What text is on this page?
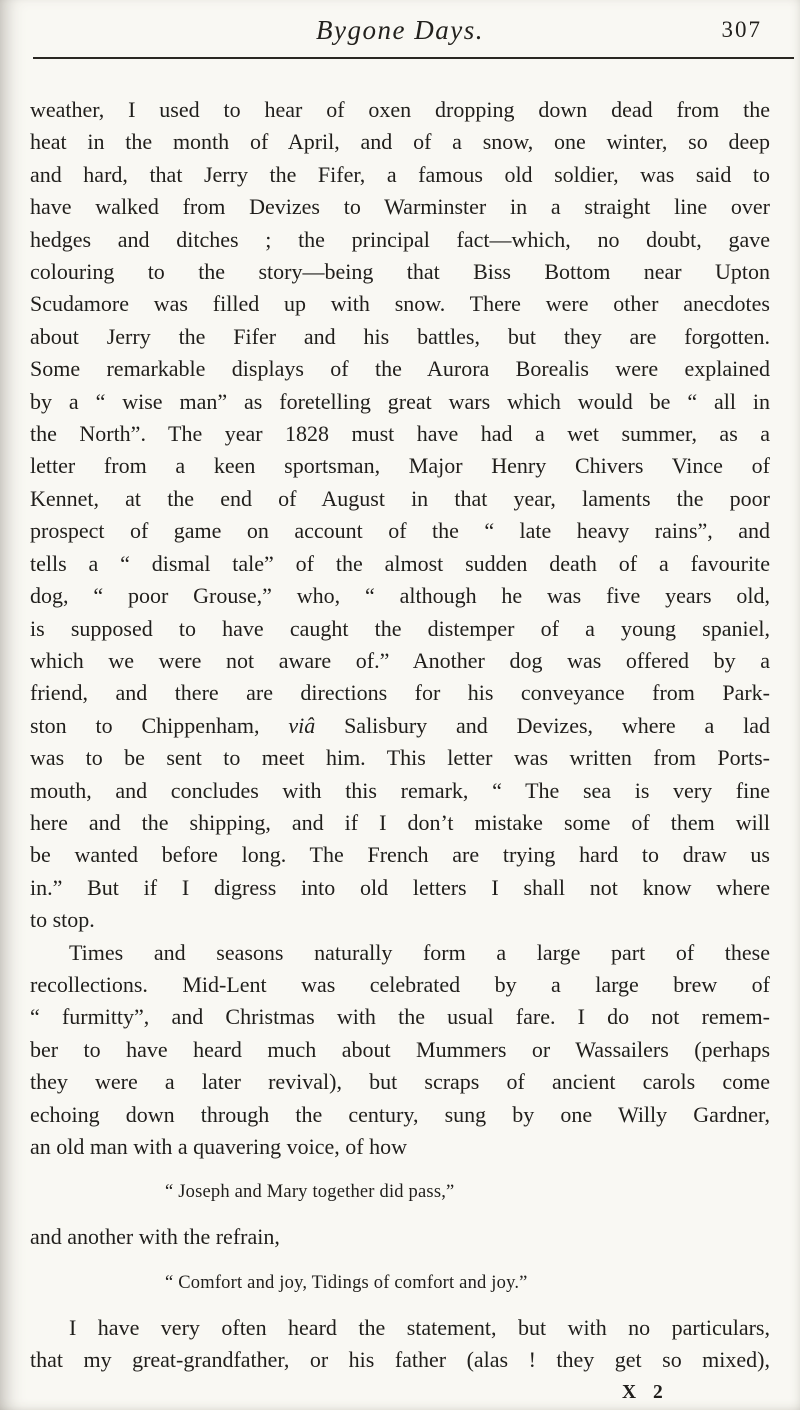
Bygone Days.	307
weather, I used to hear of oxen dropping down dead from the
heat in the month of April, and of a snow, one winter, so deep
and hard, that Jerry the Fifer, a famous old soldier, was said to
have walked from Devizes to Warminster in a straight line over
hedges and ditches ; the principal fact—which, no doubt, gave
colouring to the story—being that Biss Bottom near Upton
Scudamore was filled up with snow. There were other anecdotes
about Jerry the Fifer and his battles, but they are forgotten.
Some remarkable displays of the Aurora Borealis were explained
by a “ wise man” as foretelling great wars which would be “ all in
the North”. The year 1828 must have had a wet summer, as a
letter from a keen sportsman, Major Henry Chivers Vince of
Kennet, at the end of August in that year, laments the poor
prospect of game on account of the “ late heavy rains”, and
tells a “ dismal tale” of the almost sudden death of a favourite
dog, “ poor Grouse,” who, “ although he was five years old,
is supposed to have caught the distemper of a young spaniel,
which we were not aware of.” Another dog was offered by a
friend, and there are directions for his conveyance from Park-
ston to Chippenham, viâ Salisbury and Devizes, where a lad
was to be sent to meet him. This letter was written from Ports-
mouth, and concludes with this remark, “ The sea is very fine
here and the shipping, and if I don’t mistake some of them will
be wanted before long. The French are trying hard to draw us
in.” But if I digress into old letters I shall not know where
to stop.
Times and seasons naturally form a large part of these
recollections. Mid-Lent was celebrated by a large brew of
“ furmitty”, and Christmas with the usual fare. I do not remem-
ber to have heard much about Mummers or Wassailers (perhaps
they were a later revival), but scraps of ancient carols come
echoing down through the century, sung by one Willy Gardner,
an old man with a quavering voice, of how
“ Joseph and Mary together did pass,”
and another with the refrain,
“ Comfort and joy, Tidings of comfort and joy.”
I have very often heard the statement, but with no particulars,
that my great-grandfather, or his father (alas ! they get so mixed),
X 2
